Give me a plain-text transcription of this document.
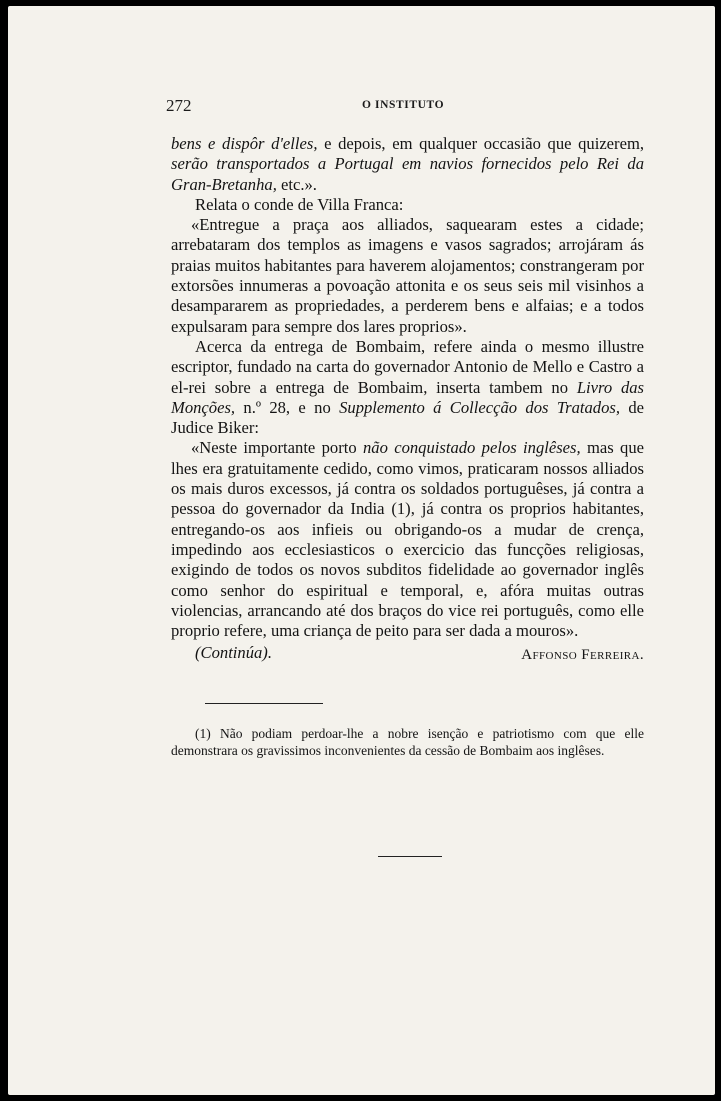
272	O INSTITUTO

bens e dispôr d'elles, e depois, em qualquer occasião que quizerem, serão transportados a Portugal em navios fornecidos pelo Rei da Gran-Bretanha, etc.».

Relata o conde de Villa Franca:

«Entregue a praça aos alliados, saquearam estes a cidade; arrebataram dos templos as imagens e vasos sagrados; arrojáram ás praias muitos habitantes para haverem alojamentos; constrangeram por extorsões innumeras a povoação attonita e os seus seis mil visinhos a desampararem as propriedades, a perderem bens e alfaias; e a todos expulsaram para sempre dos lares proprios».

Acerca da entrega de Bombaim, refere ainda o mesmo illustre escriptor, fundado na carta do governador Antonio de Mello e Castro a el-rei sobre a entrega de Bombaim, inserta tambem no Livro das Monções, n.º 28, e no Supplemento á Collecção dos Tratados, de Judice Biker:

«Neste importante porto não conquistado pelos inglêses, mas que lhes era gratuitamente cedido, como vimos, praticaram nossos alliados os mais duros excessos, já contra os soldados portuguêses, já contra a pessoa do governador da India (1), já contra os proprios habitantes, entregando-os aos infieis ou obrigando-os a mudar de crença, impedindo aos ecclesiasticos o exercicio das funcções religiosas, exigindo de todos os novos subditos fidelidade ao governador inglês como senhor do espiritual e temporal, e, afóra muitas outras violencias, arrancando até dos braços do vice rei português, como elle proprio refere, uma criança de peito para ser dada a mouros».

(Continúa).	Affonso Ferreira.

(1) Não podiam perdoar-lhe a nobre isenção e patriotismo com que elle demonstrara os gravissimos inconvenientes da cessão de Bombaim aos inglêses.
